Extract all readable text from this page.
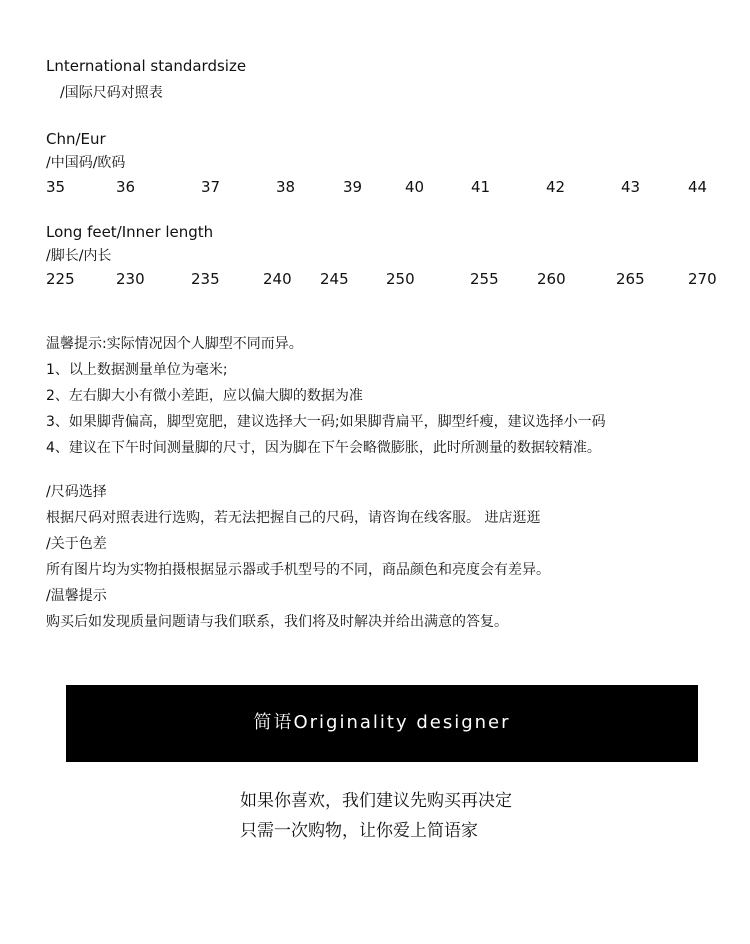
Lnternational standardsize
/国际尺码对照表
Chn/Eur
/中国码/欧码
35	36	37	38	39	40	41	42	43	44
Long feet/Inner length
/脚长/内长
225	230	235	240 245 250	255	260	265	270
温馨提示:实际情况因个人脚型不同而异。
1、以上数据测量单位为毫米;
2、左右脚大小有微小差距，应以偏大脚的数据为准
3、如果脚背偏高，脚型宽肥，建议选择大一码;如果脚背扁平，脚型纤瘦，建议选择小一码
4、建议在下午时间测量脚的尺寸，因为脚在下午会略微膨胀，此时所测量的数据较精准。
/尺码选择
根据尺码对照表进行选购，若无法把握自己的尺码，请咨询在线客服。 进店逛逛
/关于色差
所有图片均为实物拍摄根据显示器或手机型号的不同，商品颜色和亮度会有差异。
/温馨提示
购买后如发现质量问题请与我们联系，我们将及时解决并给出满意的答复。
简语Originality designer
如果你喜欢，我们建议先购买再决定
只需一次购物，让你爱上简语家
